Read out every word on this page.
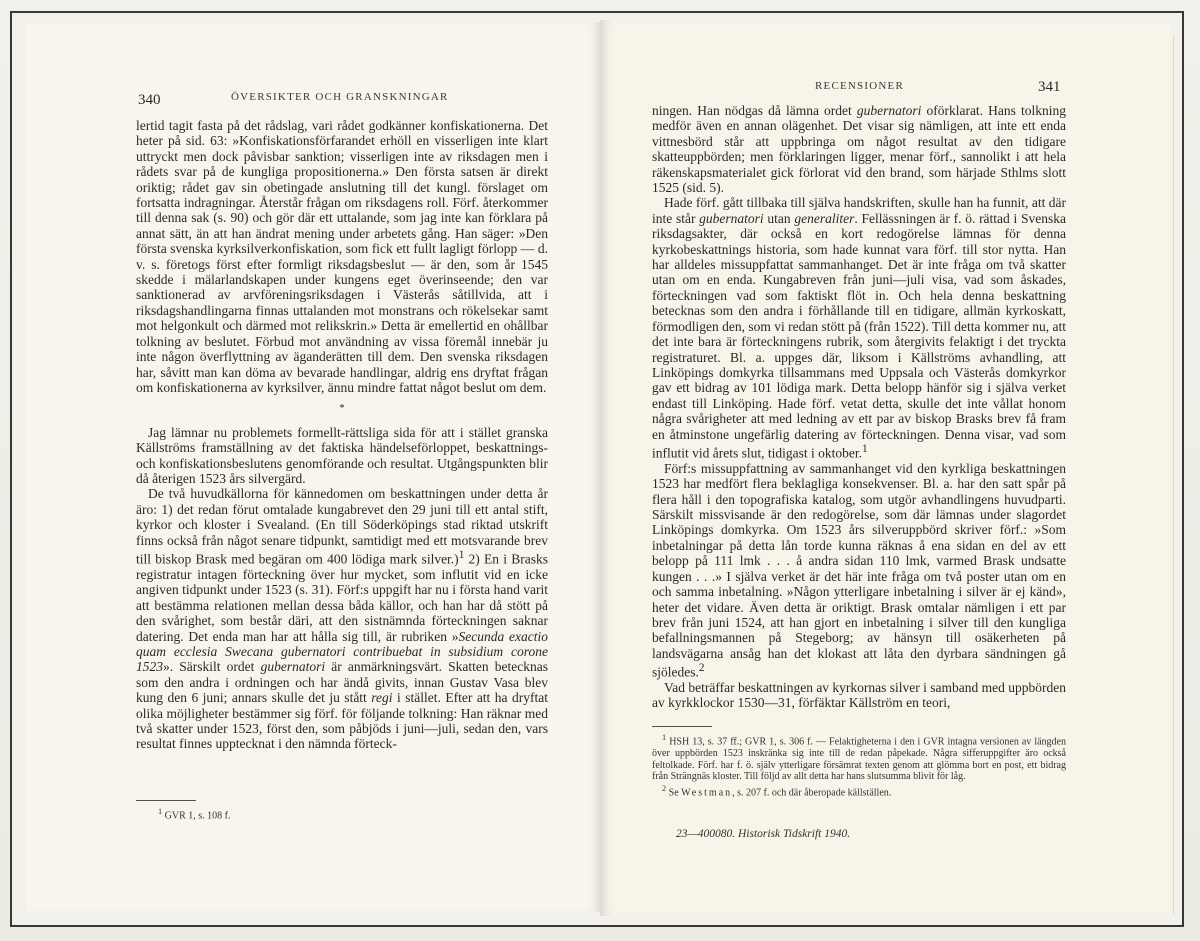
340	ÖVERSIKTER OCH GRANSKNINGAR

lertid tagit fasta på det rådslag, vari rådet godkänner konfiskationerna. Det heter på sid. 63: »Konfiskationsförfarandet erhöll en visserligen inte klart uttryckt men dock påvisbar sanktion; visserligen inte av riksdagen men i rådets svar på de kungliga propositionerna.» Den första satsen är direkt oriktig; rådet gav sin obetingade anslutning till det kungl. förslaget om fortsatta indragningar. Återstår frågan om riksdagens roll. Förf. återkommer till denna sak (s. 90) och gör där ett uttalande, som jag inte kan förklara på annat sätt, än att han ändrat mening under arbetets gång. Han säger: »Den första svenska kyrksilverkonfiskation, som fick ett fullt lagligt förlopp — d. v. s. företogs först efter formligt riksdagsbeslut — är den, som år 1545 skedde i mälarlandskapen under kungens eget överinseende; den var sanktionerad av arvföreningsriksdagen i Västerås såtillvida, att i riksdagshandlingarna finnas uttalanden mot monstrans och rökelsekar samt mot helgonkult och därmed mot relikskrin.» Detta är emellertid en ohållbar tolkning av beslutet. Förbud mot användning av vissa föremål innebär ju inte någon överflyttning av äganderätten till dem. Den svenska riksdagen har, såvitt man kan döma av bevarade handlingar, aldrig ens dryftat frågan om konfiskationerna av kyrksilver, ännu mindre fattat något beslut om dem.

*

Jag lämnar nu problemets formellt-rättsliga sida för att i stället granska Källströms framställning av det faktiska händelseförloppet, beskattnings- och konfiskationsbeslutens genomförande och resultat. Utgångspunkten blir då återigen 1523 års silvergärd.

De två huvudkällorna för kännedomen om beskattningen under detta år äro: 1) det redan förut omtalade kungabrevet den 29 juni till ett antal stift, kyrkor och kloster i Svealand. (En till Söderköpings stad riktad utskrift finns också från något senare tidpunkt, samtidigt med ett motsvarande brev till biskop Brask med begäran om 400 lödiga mark silver.)$^1$ 2) En i Brasks registratur intagen förteckning över hur mycket, som influtit vid en icke angiven tidpunkt under 1523 (s. 31). Förf:s uppgift har nu i första hand varit att bestämma relationen mellan dessa båda källor, och han har då stött på den svårighet, som består däri, att den sistnämnda förteckningen saknar datering. Det enda man har att hålla sig till, är rubriken »Secunda exactio quam ecclesia Swecana gubernatori contribuebat in subsidium corone 1523». Särskilt ordet gubernatori är anmärkningsvärt. Skatten betecknas som den andra i ordningen och har ändå givits, innan Gustav Vasa blev kung den 6 juni; annars skulle det ju stått regi i stället. Efter att ha dryftat olika möjligheter bestämmer sig förf. för följande tolkning: Han räknar med två skatter under 1523, först den, som påbjöds i juni—juli, sedan den, vars resultat finnes upptecknat i den nämnda förteck-

$^1$ GVR 1, s. 108 f.

RECENSIONER	341

ningen. Han nödgas då lämna ordet gubernatori oförklarat. Hans tolkning medför även en annan olägenhet. Det visar sig nämligen, att inte ett enda vittnesbörd står att uppbringa om något resultat av den tidigare skatteuppbörden; men förklaringen ligger, menar förf., sannolikt i att hela räkenskapsmaterialet gick förlorat vid den brand, som härjade Sthlms slott 1525 (sid. 5).

Hade förf. gått tillbaka till själva handskriften, skulle han ha funnit, att där inte står gubernatori utan generaliter. Fellässningen är f. ö. rättad i Svenska riksdagsakter, där också en kort redogörelse lämnas för denna kyrkobeskattnings historia, som hade kunnat vara förf. till stor nytta. Han har alldeles missuppfattat sammanhanget. Det är inte fråga om två skatter utan om en enda. Kungabreven från juni—juli visa, vad som åskades, förteckningen vad som faktiskt flöt in. Och hela denna beskattning betecknas som den andra i förhållande till en tidigare, allmän kyrkoskatt, förmodligen den, som vi redan stött på (från 1522). Till detta kommer nu, att det inte bara är förteckningens rubrik, som återgivits felaktigt i det tryckta registraturet. Bl. a. uppges där, liksom i Källströms avhandling, att Linköpings domkyrka tillsammans med Uppsala och Västerås domkyrkor gav ett bidrag av 101 lödiga mark. Detta belopp hänför sig i själva verket endast till Linköping. Hade förf. vetat detta, skulle det inte vållat honom några svårigheter att med ledning av ett par av biskop Brasks brev få fram en åtminstone ungefärlig datering av förteckningen. Denna visar, vad som influtit vid årets slut, tidigast i oktober.$^1$

Förf:s missuppfattning av sammanhanget vid den kyrkliga beskattningen 1523 har medfört flera beklagliga konsekvenser. Bl. a. har den satt spår på flera håll i den topografiska katalog, som utgör avhandlingens huvudparti. Särskilt missvisande är den redogörelse, som där lämnas under slagordet Linköpings domkyrka. Om 1523 års silveruppbörd skriver förf.: »Som inbetalningar på detta lån torde kunna räknas å ena sidan en del av ett belopp på 111 lmk . . . å andra sidan 110 lmk, varmed Brask undsatte kungen . . .» I själva verket är det här inte fråga om två poster utan om en och samma inbetalning. »Någon ytterligare inbetalning i silver är ej känd», heter det vidare. Även detta är oriktigt. Brask omtalar nämligen i ett par brev från juni 1524, att han gjort en inbetalning i silver till den kungliga befallningsmannen på Stegeborg; av hänsyn till osäkerheten på landsvägarna ansåg han det klokast att låta den dyrbara sändningen gå sjöledes.$^2$

Vad beträffar beskattningen av kyrkornas silver i samband med uppbörden av kyrkklockor 1530—31, förfäktar Källström en teori,

$^1$ HSH 13, s. 37 ff.; GVR 1, s. 306 f. — Felaktigheterna i den i GVR intagna versionen av längden över uppbörden 1523 inskränka sig inte till de redan påpekade. Några sifferuppgifter äro också feltolkade. Förf. har f. ö. själv ytterligare försämrat texten genom att glömma bort en post, ett bidrag från Strängnäs kloster. Till följd av allt detta har hans slutsumma blivit för låg.

$^2$ Se Westman, s. 207 f. och där åberopade källställen.

23—400080. Historisk Tidskrift 1940.
